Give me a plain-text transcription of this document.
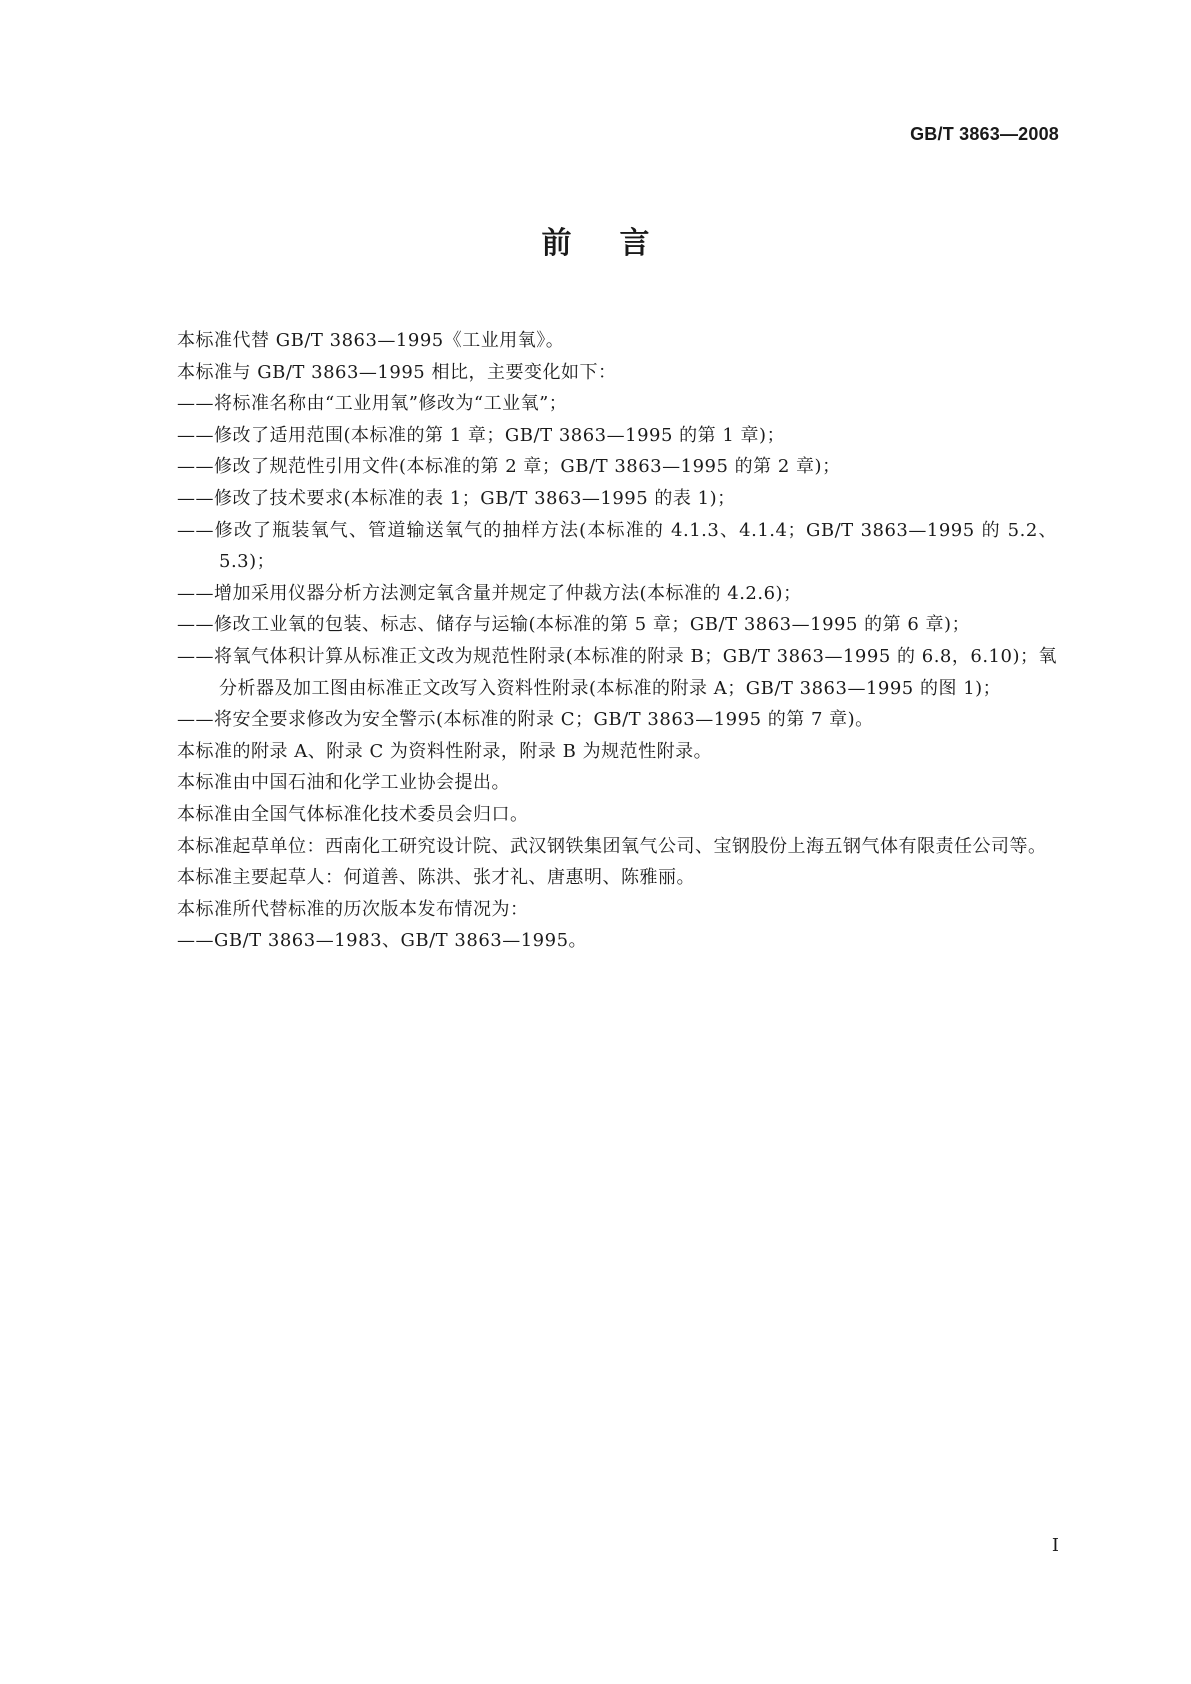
GB/T 3863—2008
前言

本标准代替 GB/T 3863—1995《工业用氧》。

本标准与 GB/T 3863—1995 相比，主要变化如下：

——将标准名称由“工业用氧”修改为“工业氧”；
——修改了适用范围(本标准的第 1 章；GB/T 3863—1995 的第 1 章)；
——修改了规范性引用文件(本标准的第 2 章；GB/T 3863—1995 的第 2 章)；
——修改了技术要求(本标准的表 1；GB/T 3863—1995 的表 1)；
——修改了瓶装氧气、管道输送氧气的抽样方法(本标准的 4.1.3、4.1.4；GB/T 3863—1995 的 5.2、5.3)；
——增加采用仪器分析方法测定氧含量并规定了仲裁方法(本标准的 4.2.6)；
——修改工业氧的包装、标志、储存与运输(本标准的第 5 章；GB/T 3863—1995 的第 6 章)；
——将氧气体积计算从标准正文改为规范性附录(本标准的附录 B；GB/T 3863—1995 的 6.8，6.10)；氧分析器及加工图由标准正文改写入资料性附录(本标准的附录 A；GB/T 3863—1995 的图 1)；
——将安全要求修改为安全警示(本标准的附录 C；GB/T 3863—1995 的第 7 章)。

本标准的附录 A、附录 C 为资料性附录，附录 B 为规范性附录。

本标准由中国石油和化学工业协会提出。

本标准由全国气体标准化技术委员会归口。

本标准起草单位：西南化工研究设计院、武汉钢铁集团氧气公司、宝钢股份上海五钢气体有限责任公司等。

本标准主要起草人：何道善、陈洪、张才礼、唐惠明、陈雅丽。

本标准所代替标准的历次版本发布情况为：

——GB/T 3863—1983、GB/T 3863—1995。
I
